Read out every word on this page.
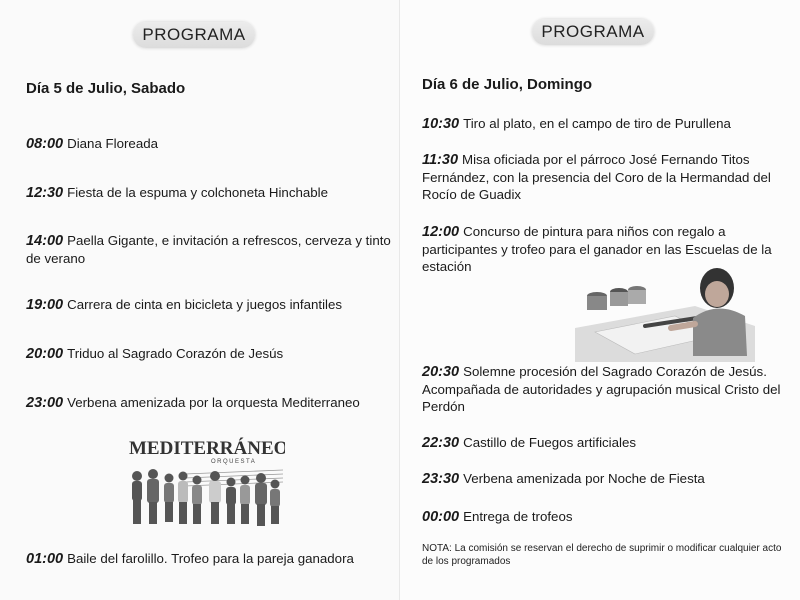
PROGRAMA
Día 5 de Julio, Sabado
08:00 Diana Floreada
12:30 Fiesta de la espuma y colchoneta Hinchable
14:00 Paella Gigante, e invitación a refrescos, cerveza y tinto de verano
19:00 Carrera de cinta en bicicleta y juegos infantiles
20:00 Triduo al Sagrado Corazón de Jesús
23:00 Verbena amenizada por la orquesta Mediterraneo
MEDITERRÁNEO
ORQUESTA
01:00 Baile del farolillo. Trofeo para la pareja ganadora
PROGRAMA
Día 6 de Julio, Domingo
10:30 Tiro al plato, en el campo de tiro de Purullena
11:30 Misa oficiada por el párroco José Fernando Titos Fernández, con la presencia del Coro de la Hermandad del Rocío de Guadix
12:00 Concurso de pintura para niños con regalo a participantes y trofeo para el ganador en las Escuelas de la estación
20:30 Solemne procesión del Sagrado Corazón de Jesús. Acompañada de autoridades y agrupación musical Cristo del Perdón
22:30 Castillo de Fuegos artificiales
23:30 Verbena amenizada por Noche de Fiesta
00:00 Entrega de trofeos
NOTA: La comisión se reservan el derecho de suprimir o modificar cualquier acto de los programados
